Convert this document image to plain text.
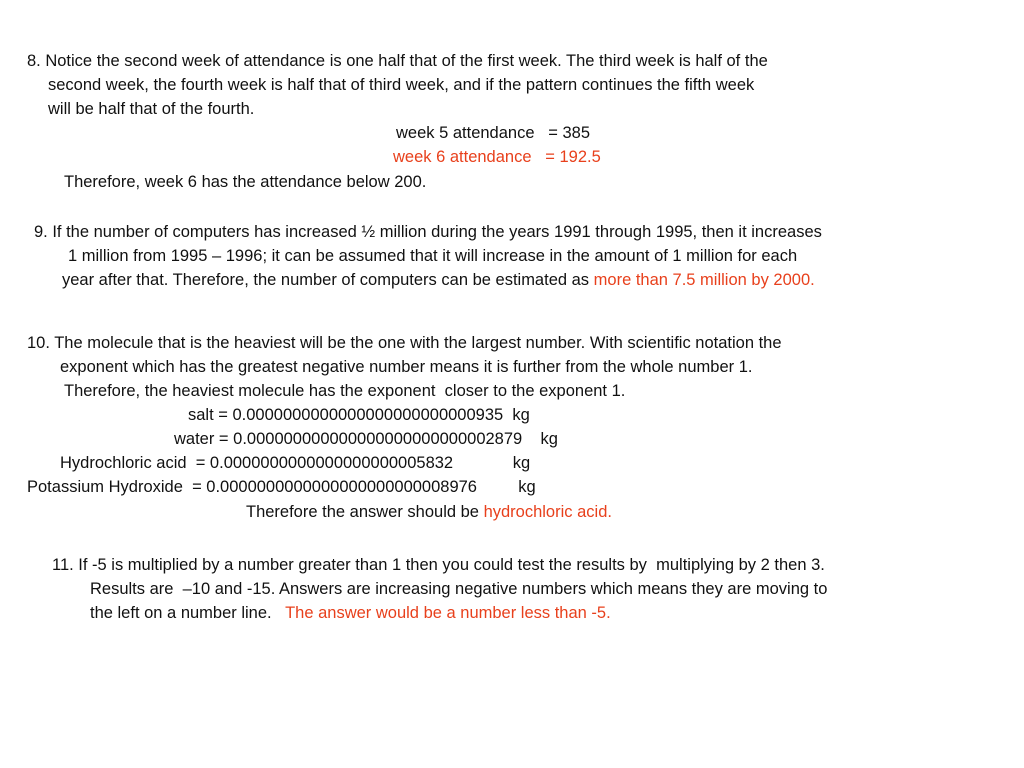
8. Notice the second week of attendance is one half that of the first week. The third week is half of the

second week, the fourth week is half that of third week, and if the pattern continues the fifth week

will be half that of the fourth.

week 5 attendance   = 385

week 6 attendance   = 192.5

Therefore, week 6 has the attendance below 200.

9. If the number of computers has increased ½ million during the years 1991 through 1995, then it increases

1 million from 1995 – 1996; it can be assumed that it will increase in the amount of 1 million for each

year after that. Therefore, the number of computers can be estimated as more than 7.5 million by 2000.

10. The molecule that is the heaviest will be the one with the largest number. With scientific notation the

exponent which has the greatest negative number means it is further from the whole number 1.

Therefore, the heaviest molecule has the exponent  closer to the exponent 1.

salt = 0.0000000000000000000000000935  kg

water = 0.000000000000000000000000002879    kg

Hydrochloric acid  = 0.0000000000000000000005832             kg

Potassium Hydroxide  = 0.0000000000000000000000008976         kg

Therefore the answer should be hydrochloric acid.

11. If -5 is multiplied by a number greater than 1 then you could test the results by  multiplying by 2 then 3.

Results are  –10 and -15. Answers are increasing negative numbers which means they are moving to

the left on a number line.   The answer would be a number less than -5.
